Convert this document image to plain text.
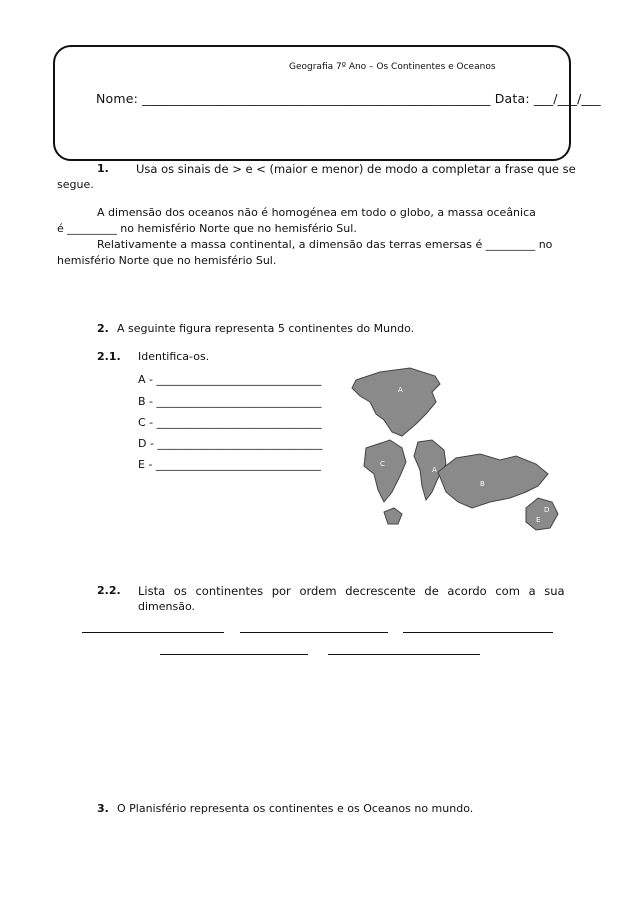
Geografia 7º Ano – Os Continentes e Oceanos
Nome: ______________________________________________________ Data: ___/___/___
1. Usa os sinais de > e < (maior e menor) de modo a completar a frase que se
segue.
A dimensão dos oceanos não é homogénea em todo o globo, a massa oceânica
é _________ no hemisfério Norte que no hemisfério Sul.
Relativamente a massa continental, a dimensão das terras emersas é _________ no
hemisfério Norte que no hemisfério Sul.
2. A seguinte figura representa 5 continentes do Mundo.
2.1. Identifica-os.
A - ______________________________
B - ______________________________
C - ______________________________
D - ______________________________
E - ______________________________
A
A
B
C
D
E
2.2. Lista os continentes por ordem decrescente de acordo com a sua
dimensão.
3. O Planisfério representa os continentes e os Oceanos no mundo.
